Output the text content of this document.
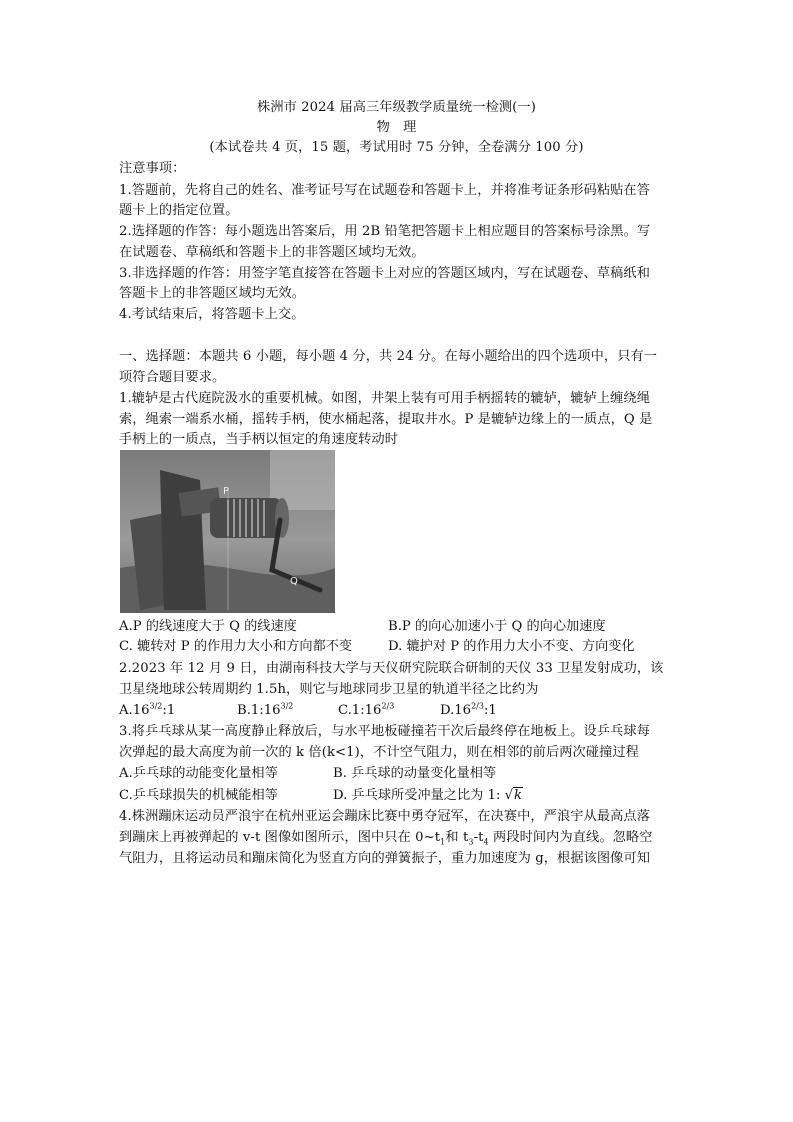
株洲市 2024 届高三年级教学质量统一检测(一)
物　理
(本试卷共 4 页，15 题，考试用时 75 分钟，全卷满分 100 分)
注意事项：
1.答题前，先将自己的姓名、准考证号写在试题卷和答题卡上，并将准考证条形码粘贴在答
题卡上的指定位置。
2.选择题的作答：每小题选出答案后，用 2B 铅笔把答题卡上相应题目的答案标号涂黑。写
在试题卷、草稿纸和答题卡上的非答题区域均无效。
3.非选择题的作答：用签字笔直接答在答题卡上对应的答题区域内，写在试题卷、草稿纸和
答题卡上的非答题区域均无效。
4.考试结束后，将答题卡上交。
一、选择题：本题共 6 小题，每小题 4 分，共 24 分。在每小题给出的四个选项中，只有一
项符合题目要求。
1.辘轳是古代庭院汲水的重要机械。如图，井架上装有可用手柄摇转的辘轳，辘轳上缠绕绳
索，绳索一端系水桶，摇转手柄，使水桶起落，提取井水。P 是辘轳边缘上的一质点，Q 是
手柄上的一质点，当手柄以恒定的角速度转动时
P
Q
A.P 的线速度大于 Q 的线速度	B.P 的向心加速小于 Q 的向心加速度
C. 辘转对 P 的作用力大小和方向都不变	D. 辘护对 P 的作用力大小不变、方向变化
2.2023 年 12 月 9 日，由湖南科技大学与天仪研究院联合研制的天仪 33 卫星发射成功，该
卫星绕地球公转周期约 1.5h，则它与地球同步卫星的轨道半径之比约为
$A.16^{3/2}:1$	$B.1:16^{3/2}$	$C.1:16^{2/3}$	$D.16^{2/3}:1$
3.将乒乓球从某一高度静止释放后，与水平地板碰撞若干次后最终停在地板上。设乒乓球每
次弹起的最大高度为前一次的 k 倍(k<1)，不计空气阻力，则在相邻的前后两次碰撞过程
A.乒乓球的动能变化量相等	B. 乒乓球的动量变化量相等
C.乒乓球损失的机械能相等	D. 乒乓球所受冲量之比为 1: √k
4.株洲蹦床运动员严浪宇在杭州亚运会蹦床比赛中勇夺冠军，在决赛中，严浪宇从最高点落
到蹦床上再被弹起的 v-t 图像如图所示，图中只在 $0\sim t_1$和 $t_3-t_4$ 两段时间内为直线。忽略空
气阻力，且将运动员和蹦床简化为竖直方向的弹簧振子，重力加速度为 g，根据该图像可知
